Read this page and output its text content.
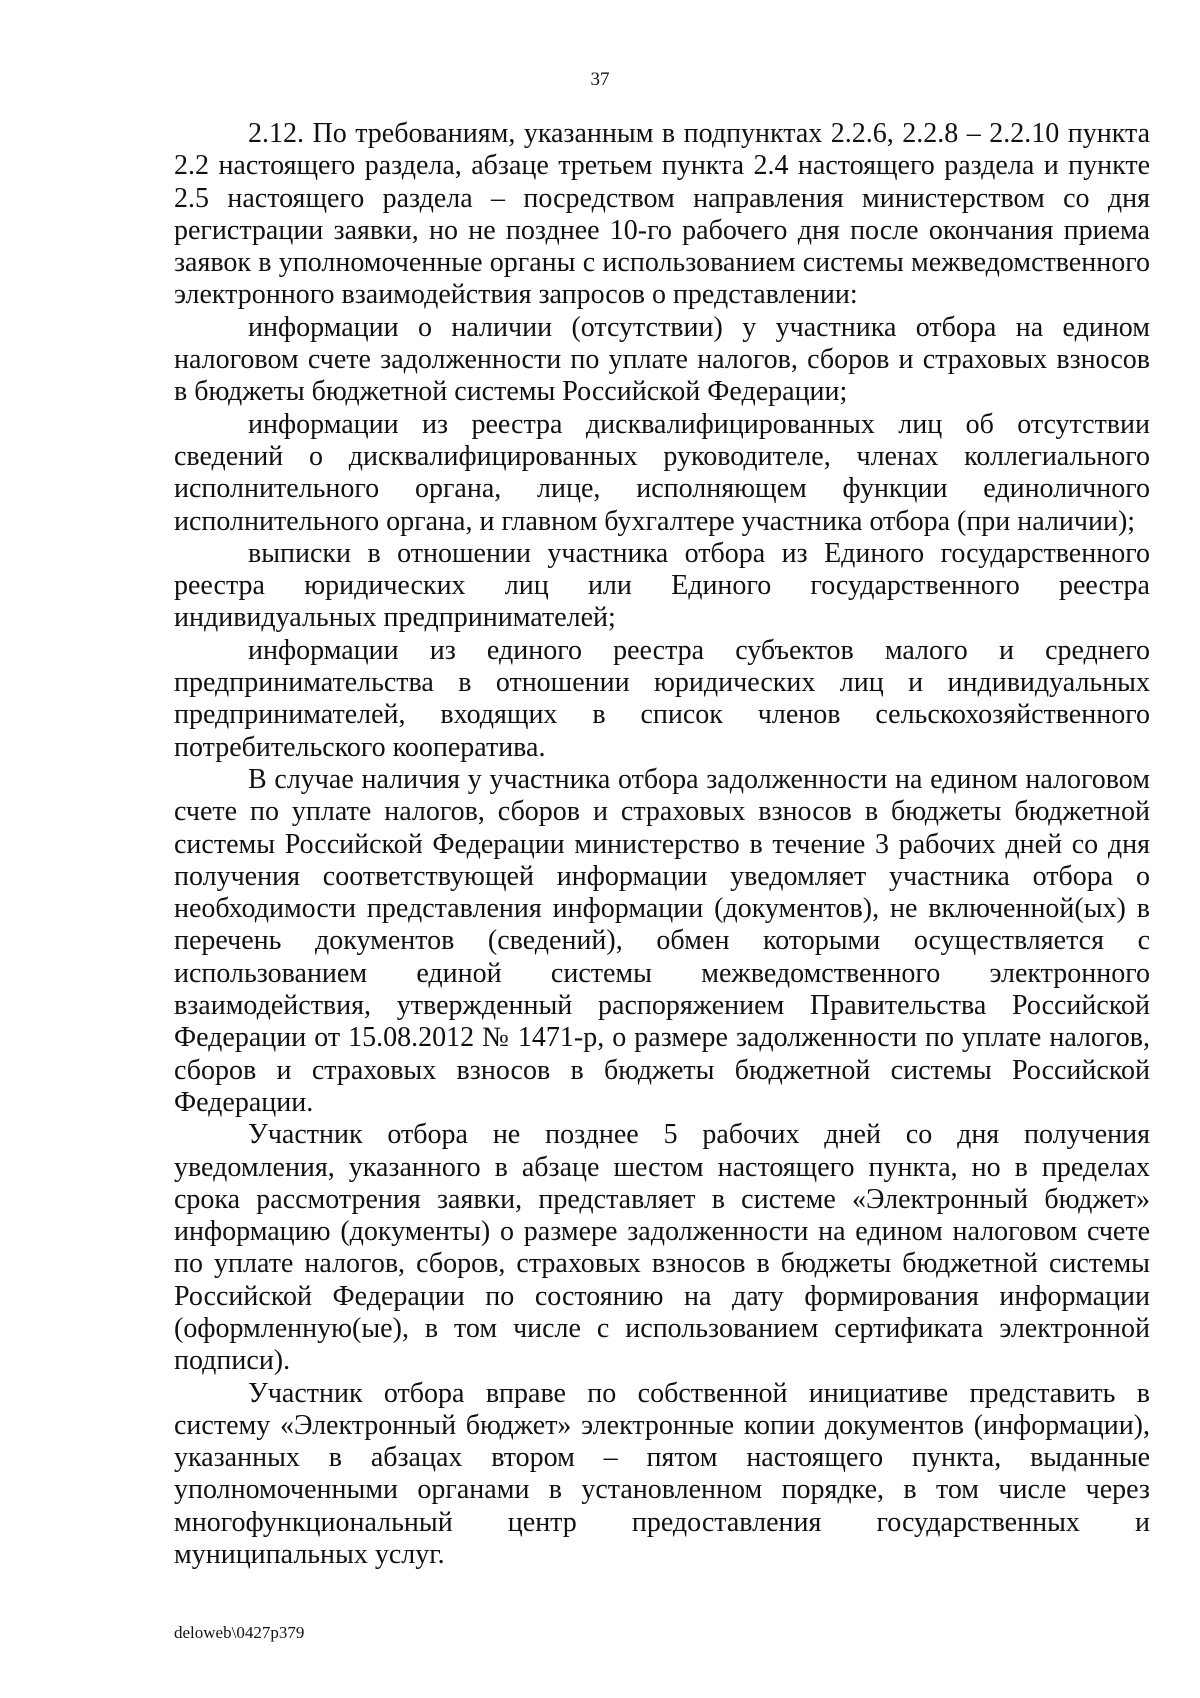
37

2.12. По требованиям, указанным в подпунктах 2.2.6, 2.2.8 – 2.2.10 пункта 2.2 настоящего раздела, абзаце третьем пункта 2.4 настоящего раздела и пункте 2.5 настоящего раздела – посредством направления министерством со дня регистрации заявки, но не позднее 10-го рабочего дня после окончания приема заявок в уполномоченные органы с использованием системы межведомственного электронного взаимодействия запросов о представлении:

информации о наличии (отсутствии) у участника отбора на едином налоговом счете задолженности по уплате налогов, сборов и страховых взносов в бюджеты бюджетной системы Российской Федерации;

информации из реестра дисквалифицированных лиц об отсутствии сведений о дисквалифицированных руководителе, членах коллегиального исполнительного органа, лице, исполняющем функции единоличного исполнительного органа, и главном бухгалтере участника отбора (при наличии);

выписки в отношении участника отбора из Единого государственного реестра юридических лиц или Единого государственного реестра индивидуальных предпринимателей;

информации из единого реестра субъектов малого и среднего предпринимательства в отношении юридических лиц и индивидуальных предпринимателей, входящих в список членов сельскохозяйственного потребительского кооператива.

В случае наличия у участника отбора задолженности на едином налоговом счете по уплате налогов, сборов и страховых взносов в бюджеты бюджетной системы Российской Федерации министерство в течение 3 рабочих дней со дня получения соответствующей информации уведомляет участника отбора о необходимости представления информации (документов), не включенной(ых) в перечень документов (сведений), обмен которыми осуществляется с использованием единой системы межведомственного электронного взаимодействия, утвержденный распоряжением Правительства Российской Федерации от 15.08.2012 № 1471-р, о размере задолженности по уплате налогов, сборов и страховых взносов в бюджеты бюджетной системы Российской Федерации.

Участник отбора не позднее 5 рабочих дней со дня получения уведомления, указанного в абзаце шестом настоящего пункта, но в пределах срока рассмотрения заявки, представляет в системе «Электронный бюджет» информацию (документы) о размере задолженности на едином налоговом счете по уплате налогов, сборов, страховых взносов в бюджеты бюджетной системы Российской Федерации по состоянию на дату формирования информации (оформленную(ые), в том числе с использованием сертификата электронной подписи).

Участник отбора вправе по собственной инициативе представить в систему «Электронный бюджет» электронные копии документов (информации), указанных в абзацах втором – пятом настоящего пункта, выданные уполномоченными органами в установленном порядке, в том числе через многофункциональный центр предоставления государственных и муниципальных услуг.

deloweb\0427p379
